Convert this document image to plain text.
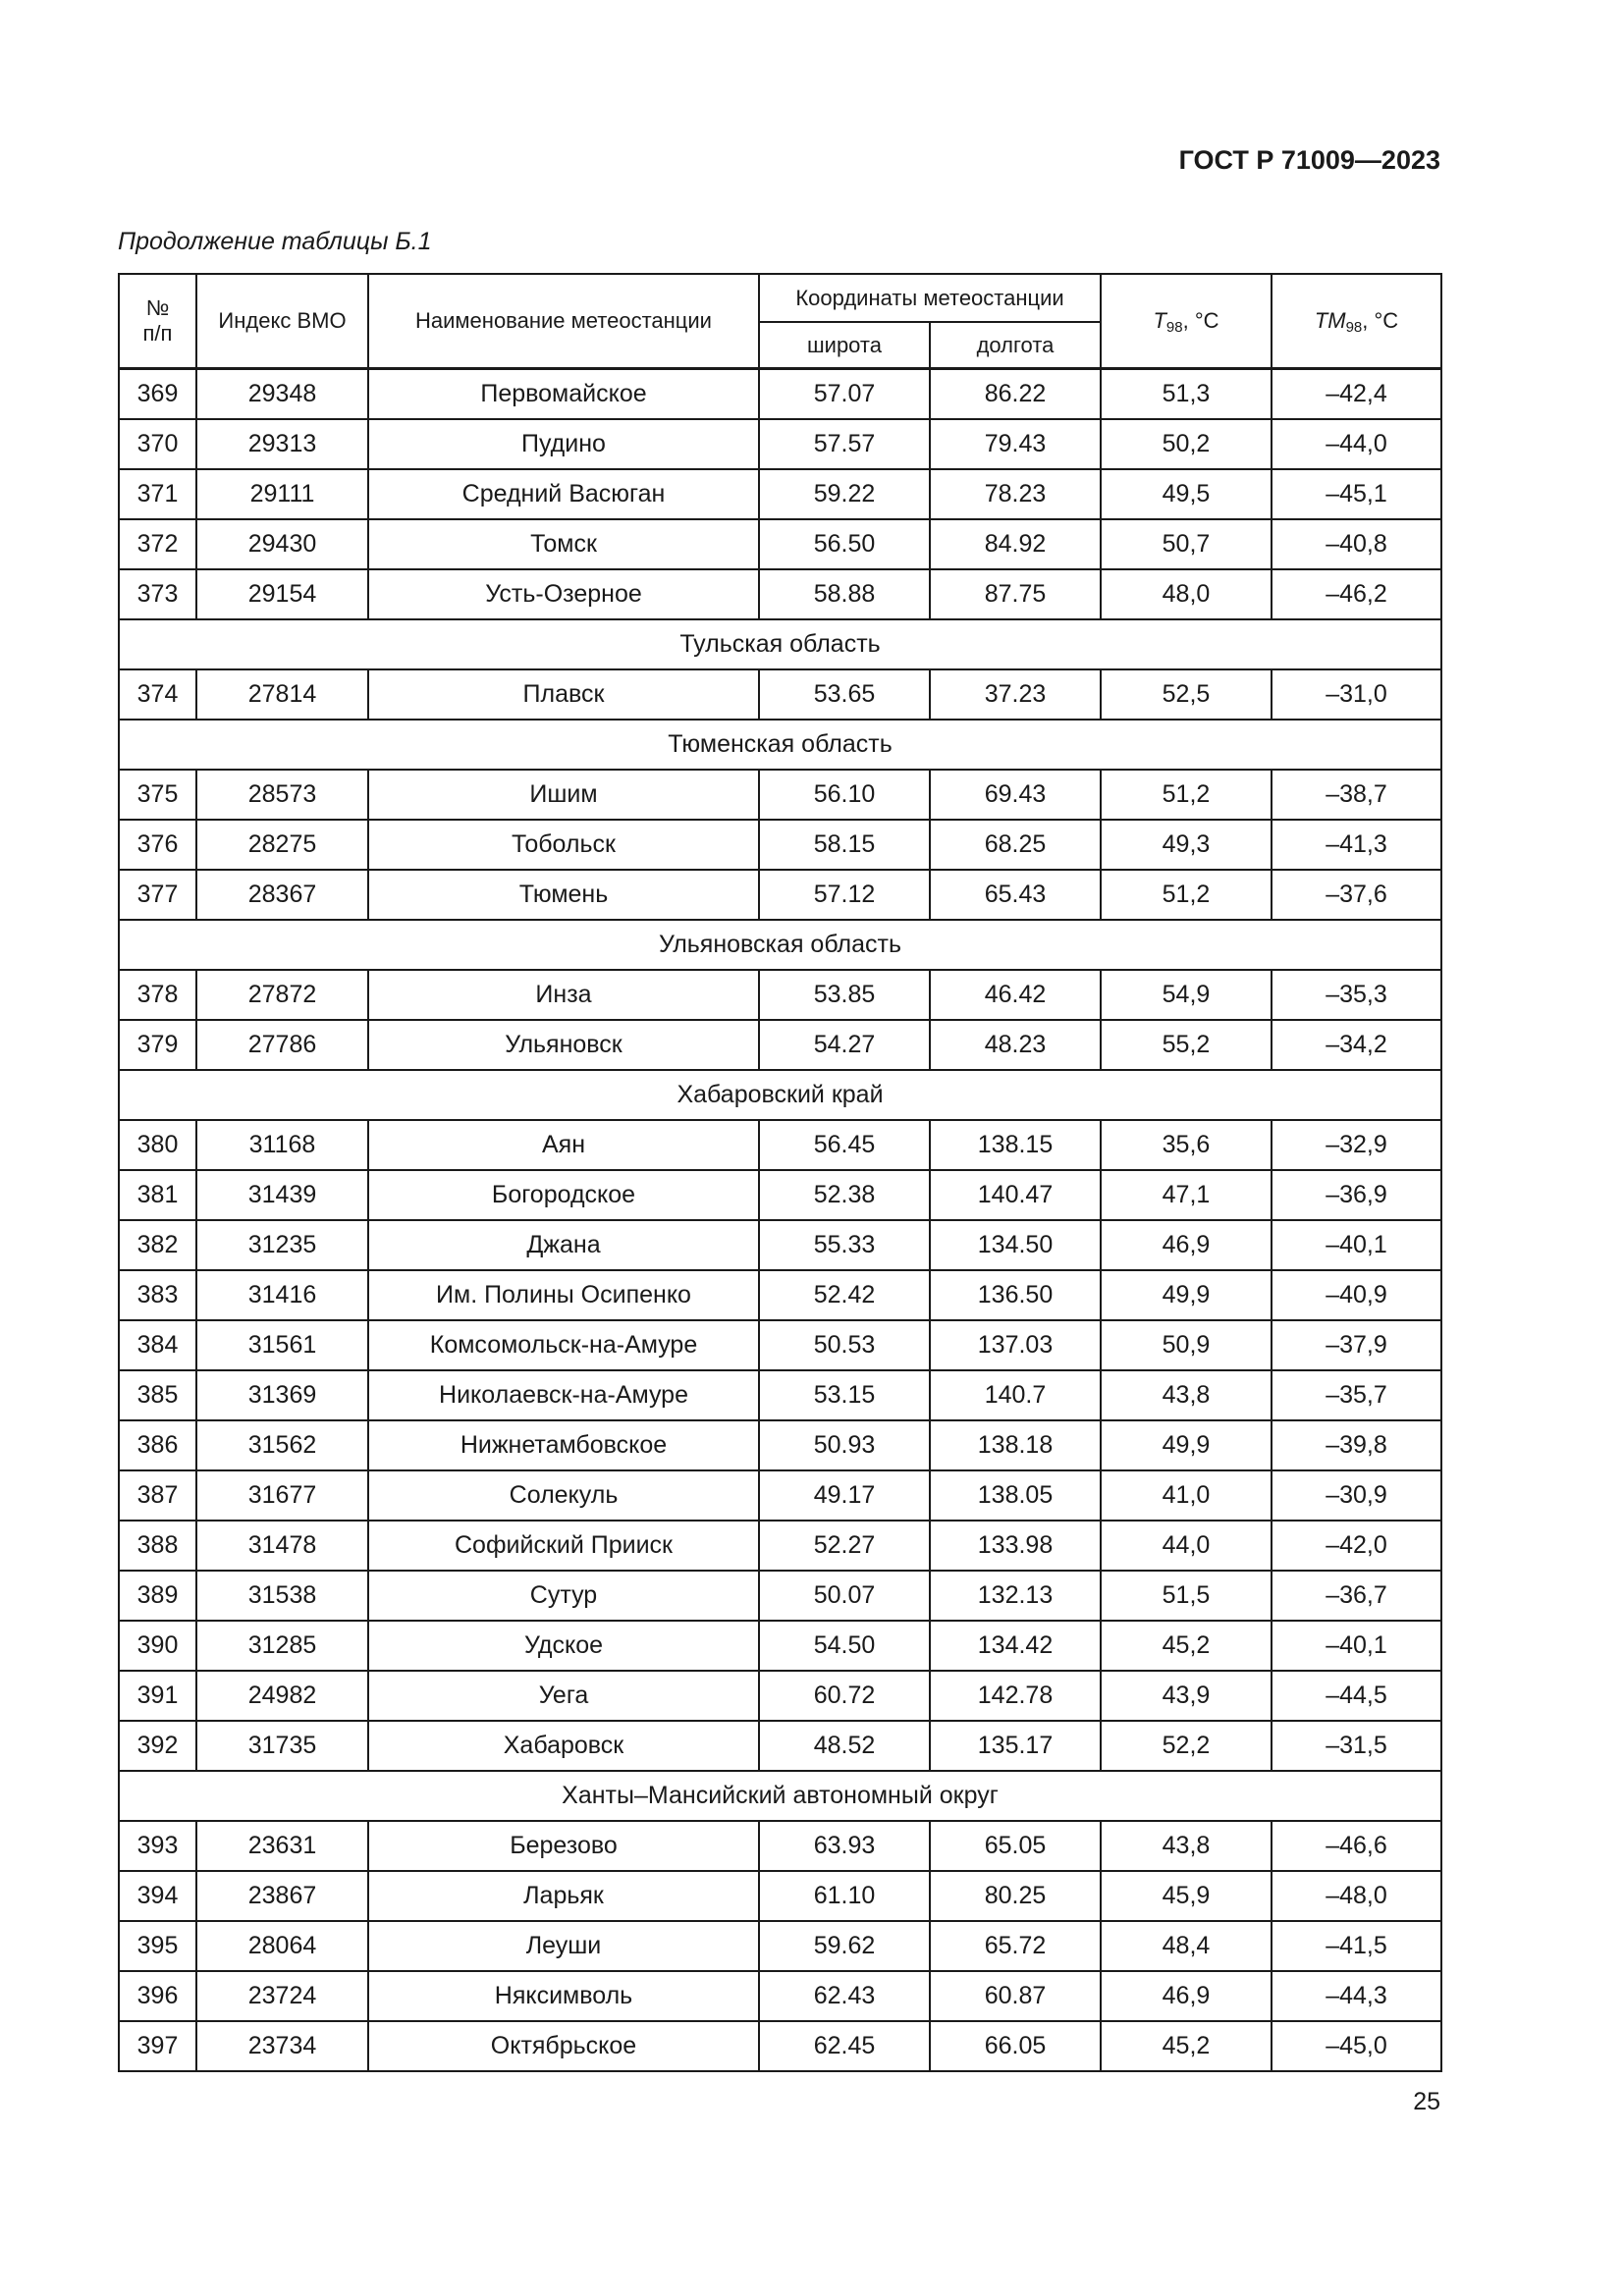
ГОСТ Р 71009—2023
Продолжение таблицы Б.1
№
п/п	Индекс ВМО	Наименование метеостанции	Координаты метеостанции		$T_{98}$, °С	$TM_{98}$, °С
			широта	долгота		
369	29348	Первомайское	57.07	86.22	51,3	–42,4
370	29313	Пудино	57.57	79.43	50,2	–44,0
371	29111	Средний Васюган	59.22	78.23	49,5	–45,1
372	29430	Томск	56.50	84.92	50,7	–40,8
373	29154	Усть-Озерное	58.88	87.75	48,0	–46,2
Тульская область						
374	27814	Плавск	53.65	37.23	52,5	–31,0
Тюменская область						
375	28573	Ишим	56.10	69.43	51,2	–38,7
376	28275	Тобольск	58.15	68.25	49,3	–41,3
377	28367	Тюмень	57.12	65.43	51,2	–37,6
Ульяновская область						
378	27872	Инза	53.85	46.42	54,9	–35,3
379	27786	Ульяновск	54.27	48.23	55,2	–34,2
Хабаровский край						
380	31168	Аян	56.45	138.15	35,6	–32,9
381	31439	Богородское	52.38	140.47	47,1	–36,9
382	31235	Джана	55.33	134.50	46,9	–40,1
383	31416	Им. Полины Осипенко	52.42	136.50	49,9	–40,9
384	31561	Комсомольск-на-Амуре	50.53	137.03	50,9	–37,9
385	31369	Николаевск-на-Амуре	53.15	140.7	43,8	–35,7
386	31562	Нижнетамбовское	50.93	138.18	49,9	–39,8
387	31677	Солекуль	49.17	138.05	41,0	–30,9
388	31478	Софийский Прииск	52.27	133.98	44,0	–42,0
389	31538	Сутур	50.07	132.13	51,5	–36,7
390	31285	Удское	54.50	134.42	45,2	–40,1
391	24982	Уега	60.72	142.78	43,9	–44,5
392	31735	Хабаровск	48.52	135.17	52,2	–31,5
Ханты–Мансийский автономный округ						
393	23631	Березово	63.93	65.05	43,8	–46,6
394	23867	Ларьяк	61.10	80.25	45,9	–48,0
395	28064	Леуши	59.62	65.72	48,4	–41,5
396	23724	Няксимволь	62.43	60.87	46,9	–44,3
397	23734	Октябрьское	62.45	66.05	45,2	–45,0
25
